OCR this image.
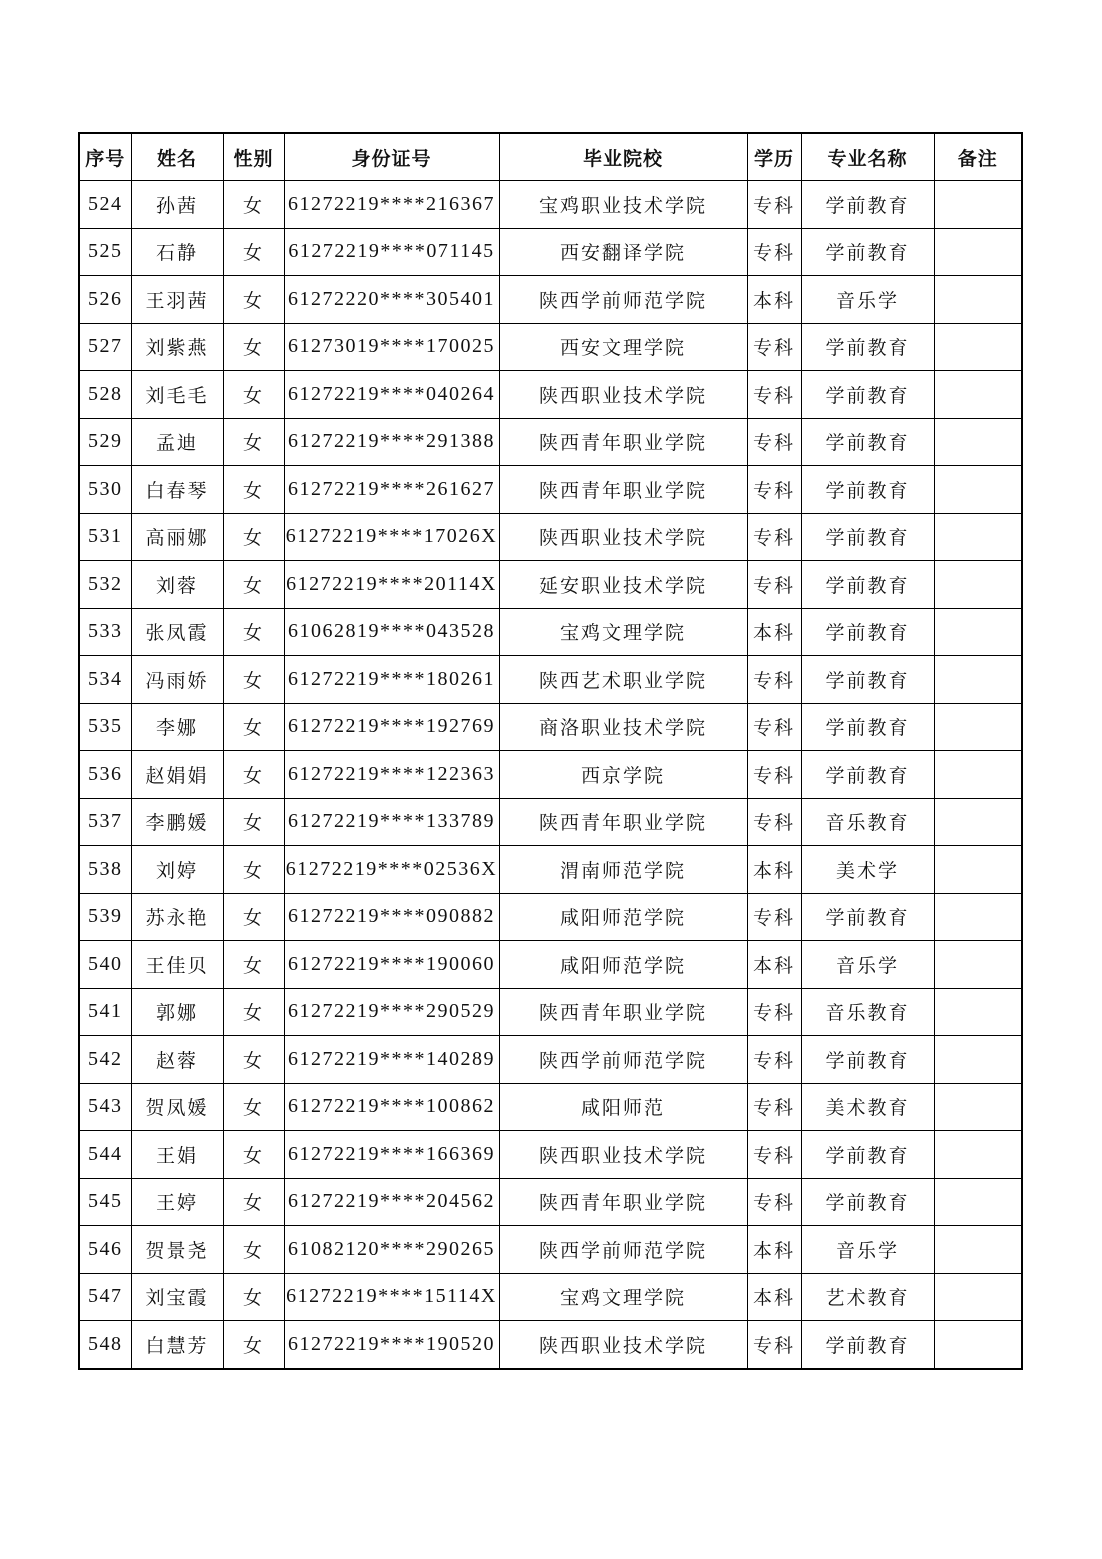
序号	姓名	性别	身份证号	毕业院校	学历	专业名称	备注
524	孙茜	女	61272219****216367	宝鸡职业技术学院	专科	学前教育	
525	石静	女	61272219****071145	西安翻译学院	专科	学前教育	
526	王羽茜	女	61272220****305401	陕西学前师范学院	本科	音乐学	
527	刘紫燕	女	61273019****170025	西安文理学院	专科	学前教育	
528	刘毛毛	女	61272219****040264	陕西职业技术学院	专科	学前教育	
529	孟迪	女	61272219****291388	陕西青年职业学院	专科	学前教育	
530	白春琴	女	61272219****261627	陕西青年职业学院	专科	学前教育	
531	高丽娜	女	61272219****17026X	陕西职业技术学院	专科	学前教育	
532	刘蓉	女	61272219****20114X	延安职业技术学院	专科	学前教育	
533	张凤霞	女	61062819****043528	宝鸡文理学院	本科	学前教育	
534	冯雨娇	女	61272219****180261	陕西艺术职业学院	专科	学前教育	
535	李娜	女	61272219****192769	商洛职业技术学院	专科	学前教育	
536	赵娟娟	女	61272219****122363	西京学院	专科	学前教育	
537	李鹏媛	女	61272219****133789	陕西青年职业学院	专科	音乐教育	
538	刘婷	女	61272219****02536X	渭南师范学院	本科	美术学	
539	苏永艳	女	61272219****090882	咸阳师范学院	专科	学前教育	
540	王佳贝	女	61272219****190060	咸阳师范学院	本科	音乐学	
541	郭娜	女	61272219****290529	陕西青年职业学院	专科	音乐教育	
542	赵蓉	女	61272219****140289	陕西学前师范学院	专科	学前教育	
543	贺凤媛	女	61272219****100862	咸阳师范	专科	美术教育	
544	王娟	女	61272219****166369	陕西职业技术学院	专科	学前教育	
545	王婷	女	61272219****204562	陕西青年职业学院	专科	学前教育	
546	贺景尧	女	61082120****290265	陕西学前师范学院	本科	音乐学	
547	刘宝霞	女	61272219****15114X	宝鸡文理学院	本科	艺术教育	
548	白慧芳	女	61272219****190520	陕西职业技术学院	专科	学前教育	
